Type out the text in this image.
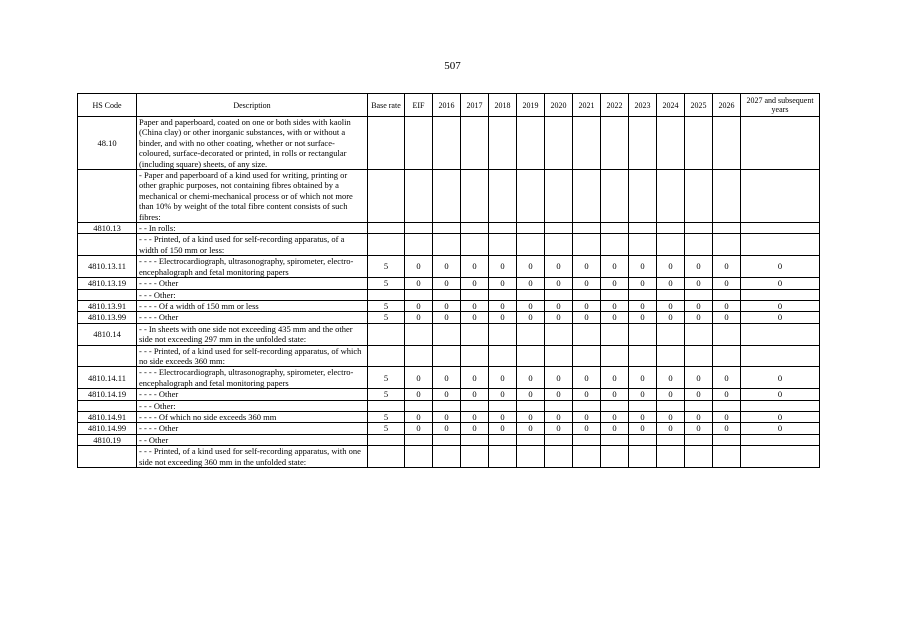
507
HS Code	Description	Base rate	EIF	2016	2017	2018	2019	2020	2021	2022	2023	2024	2025	2026	2027 and subsequent years
48.10	Paper and paperboard, coated on one or both sides with kaolin (China clay) or other inorganic substances, with or without a binder, and with no other coating, whether or not surface-coloured, surface-decorated or printed, in rolls or rectangular (including square) sheets, of any size.														
	- Paper and paperboard of a kind used for writing, printing or other graphic purposes, not containing fibres obtained by a mechanical or chemi-mechanical process or of which not more than 10% by weight of the total fibre content consists of such fibres:														
4810.13	- - In rolls:														
	- - - Printed, of a kind used for self-recording apparatus, of a width of 150 mm or less:														
4810.13.11	- - - - Electrocardiograph, ultrasonography, spirometer, electro-encephalograph and fetal monitoring papers	5	0	0	0	0	0	0	0	0	0	0	0	0	0
4810.13.19	- - - - Other	5	0	0	0	0	0	0	0	0	0	0	0	0	0
	- - - Other:														
4810.13.91	- - - - Of a width of 150 mm or less	5	0	0	0	0	0	0	0	0	0	0	0	0	0
4810.13.99	- - - - Other	5	0	0	0	0	0	0	0	0	0	0	0	0	0
4810.14	- - In sheets with one side not exceeding 435 mm and the other side not exceeding 297 mm in the unfolded state:														
	- - - Printed, of a kind used for self-recording apparatus, of which no side exceeds 360 mm:														
4810.14.11	- - - - Electrocardiograph, ultrasonography, spirometer, electro-encephalograph and fetal monitoring papers	5	0	0	0	0	0	0	0	0	0	0	0	0	0
4810.14.19	- - - - Other	5	0	0	0	0	0	0	0	0	0	0	0	0	0
	- - - Other:														
4810.14.91	- - - - Of which no side exceeds 360 mm	5	0	0	0	0	0	0	0	0	0	0	0	0	0
4810.14.99	- - - - Other	5	0	0	0	0	0	0	0	0	0	0	0	0	0
4810.19	- - Other														
	- - - Printed, of a kind used for self-recording apparatus, with one side not exceeding 360 mm in the unfolded state:														
